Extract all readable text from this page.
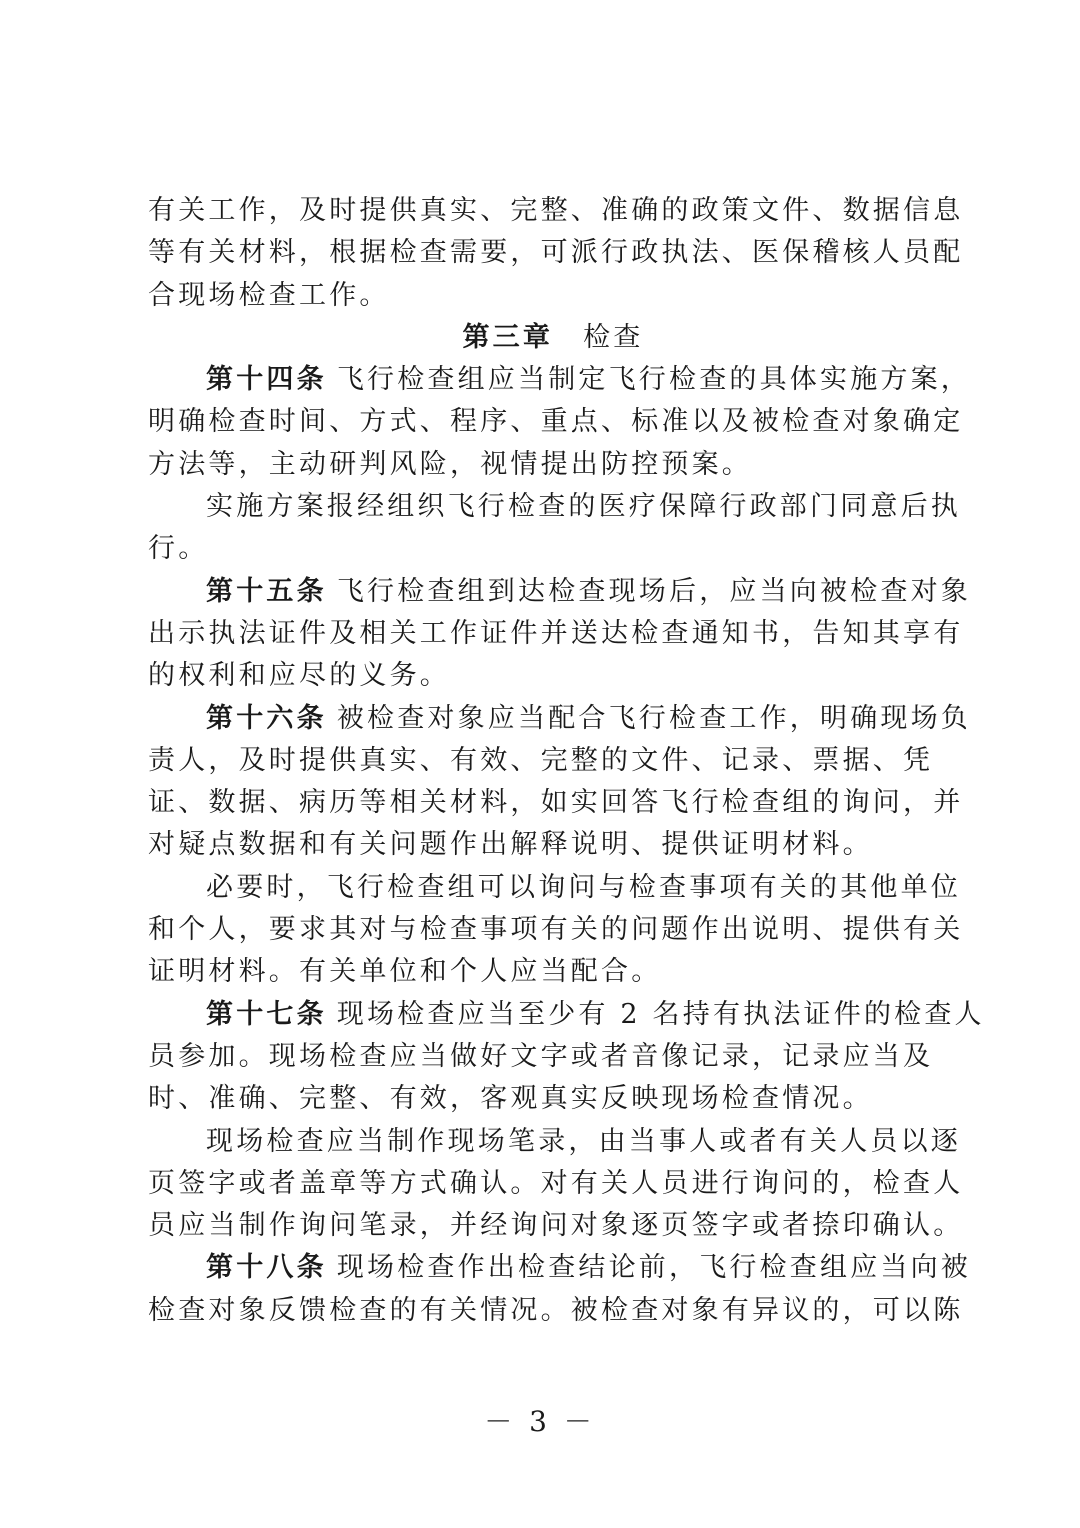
有关工作，及时提供真实、完整、准确的政策文件、数据信息
等有关材料，根据检查需要，可派行政执法、医保稽核人员配
合现场检查工作。
第三章 检查
第十四条 飞行检查组应当制定飞行检查的具体实施方案，
明确检查时间、方式、程序、重点、标准以及被检查对象确定
方法等，主动研判风险，视情提出防控预案。
实施方案报经组织飞行检查的医疗保障行政部门同意后执
行。
第十五条 飞行检查组到达检查现场后，应当向被检查对象
出示执法证件及相关工作证件并送达检查通知书，告知其享有
的权利和应尽的义务。
第十六条 被检查对象应当配合飞行检查工作，明确现场负
责人，及时提供真实、有效、完整的文件、记录、票据、凭
证、数据、病历等相关材料，如实回答飞行检查组的询问，并
对疑点数据和有关问题作出解释说明、提供证明材料。
必要时，飞行检查组可以询问与检查事项有关的其他单位
和个人，要求其对与检查事项有关的问题作出说明、提供有关
证明材料。有关单位和个人应当配合。
第十七条 现场检查应当至少有 2 名持有执法证件的检查人
员参加。现场检查应当做好文字或者音像记录，记录应当及
时、准确、完整、有效，客观真实反映现场检查情况。
现场检查应当制作现场笔录，由当事人或者有关人员以逐
页签字或者盖章等方式确认。对有关人员进行询问的，检查人
员应当制作询问笔录，并经询问对象逐页签字或者捺印确认。
第十八条 现场检查作出检查结论前，飞行检查组应当向被
检查对象反馈检查的有关情况。被检查对象有异议的，可以陈
－ 3 －
